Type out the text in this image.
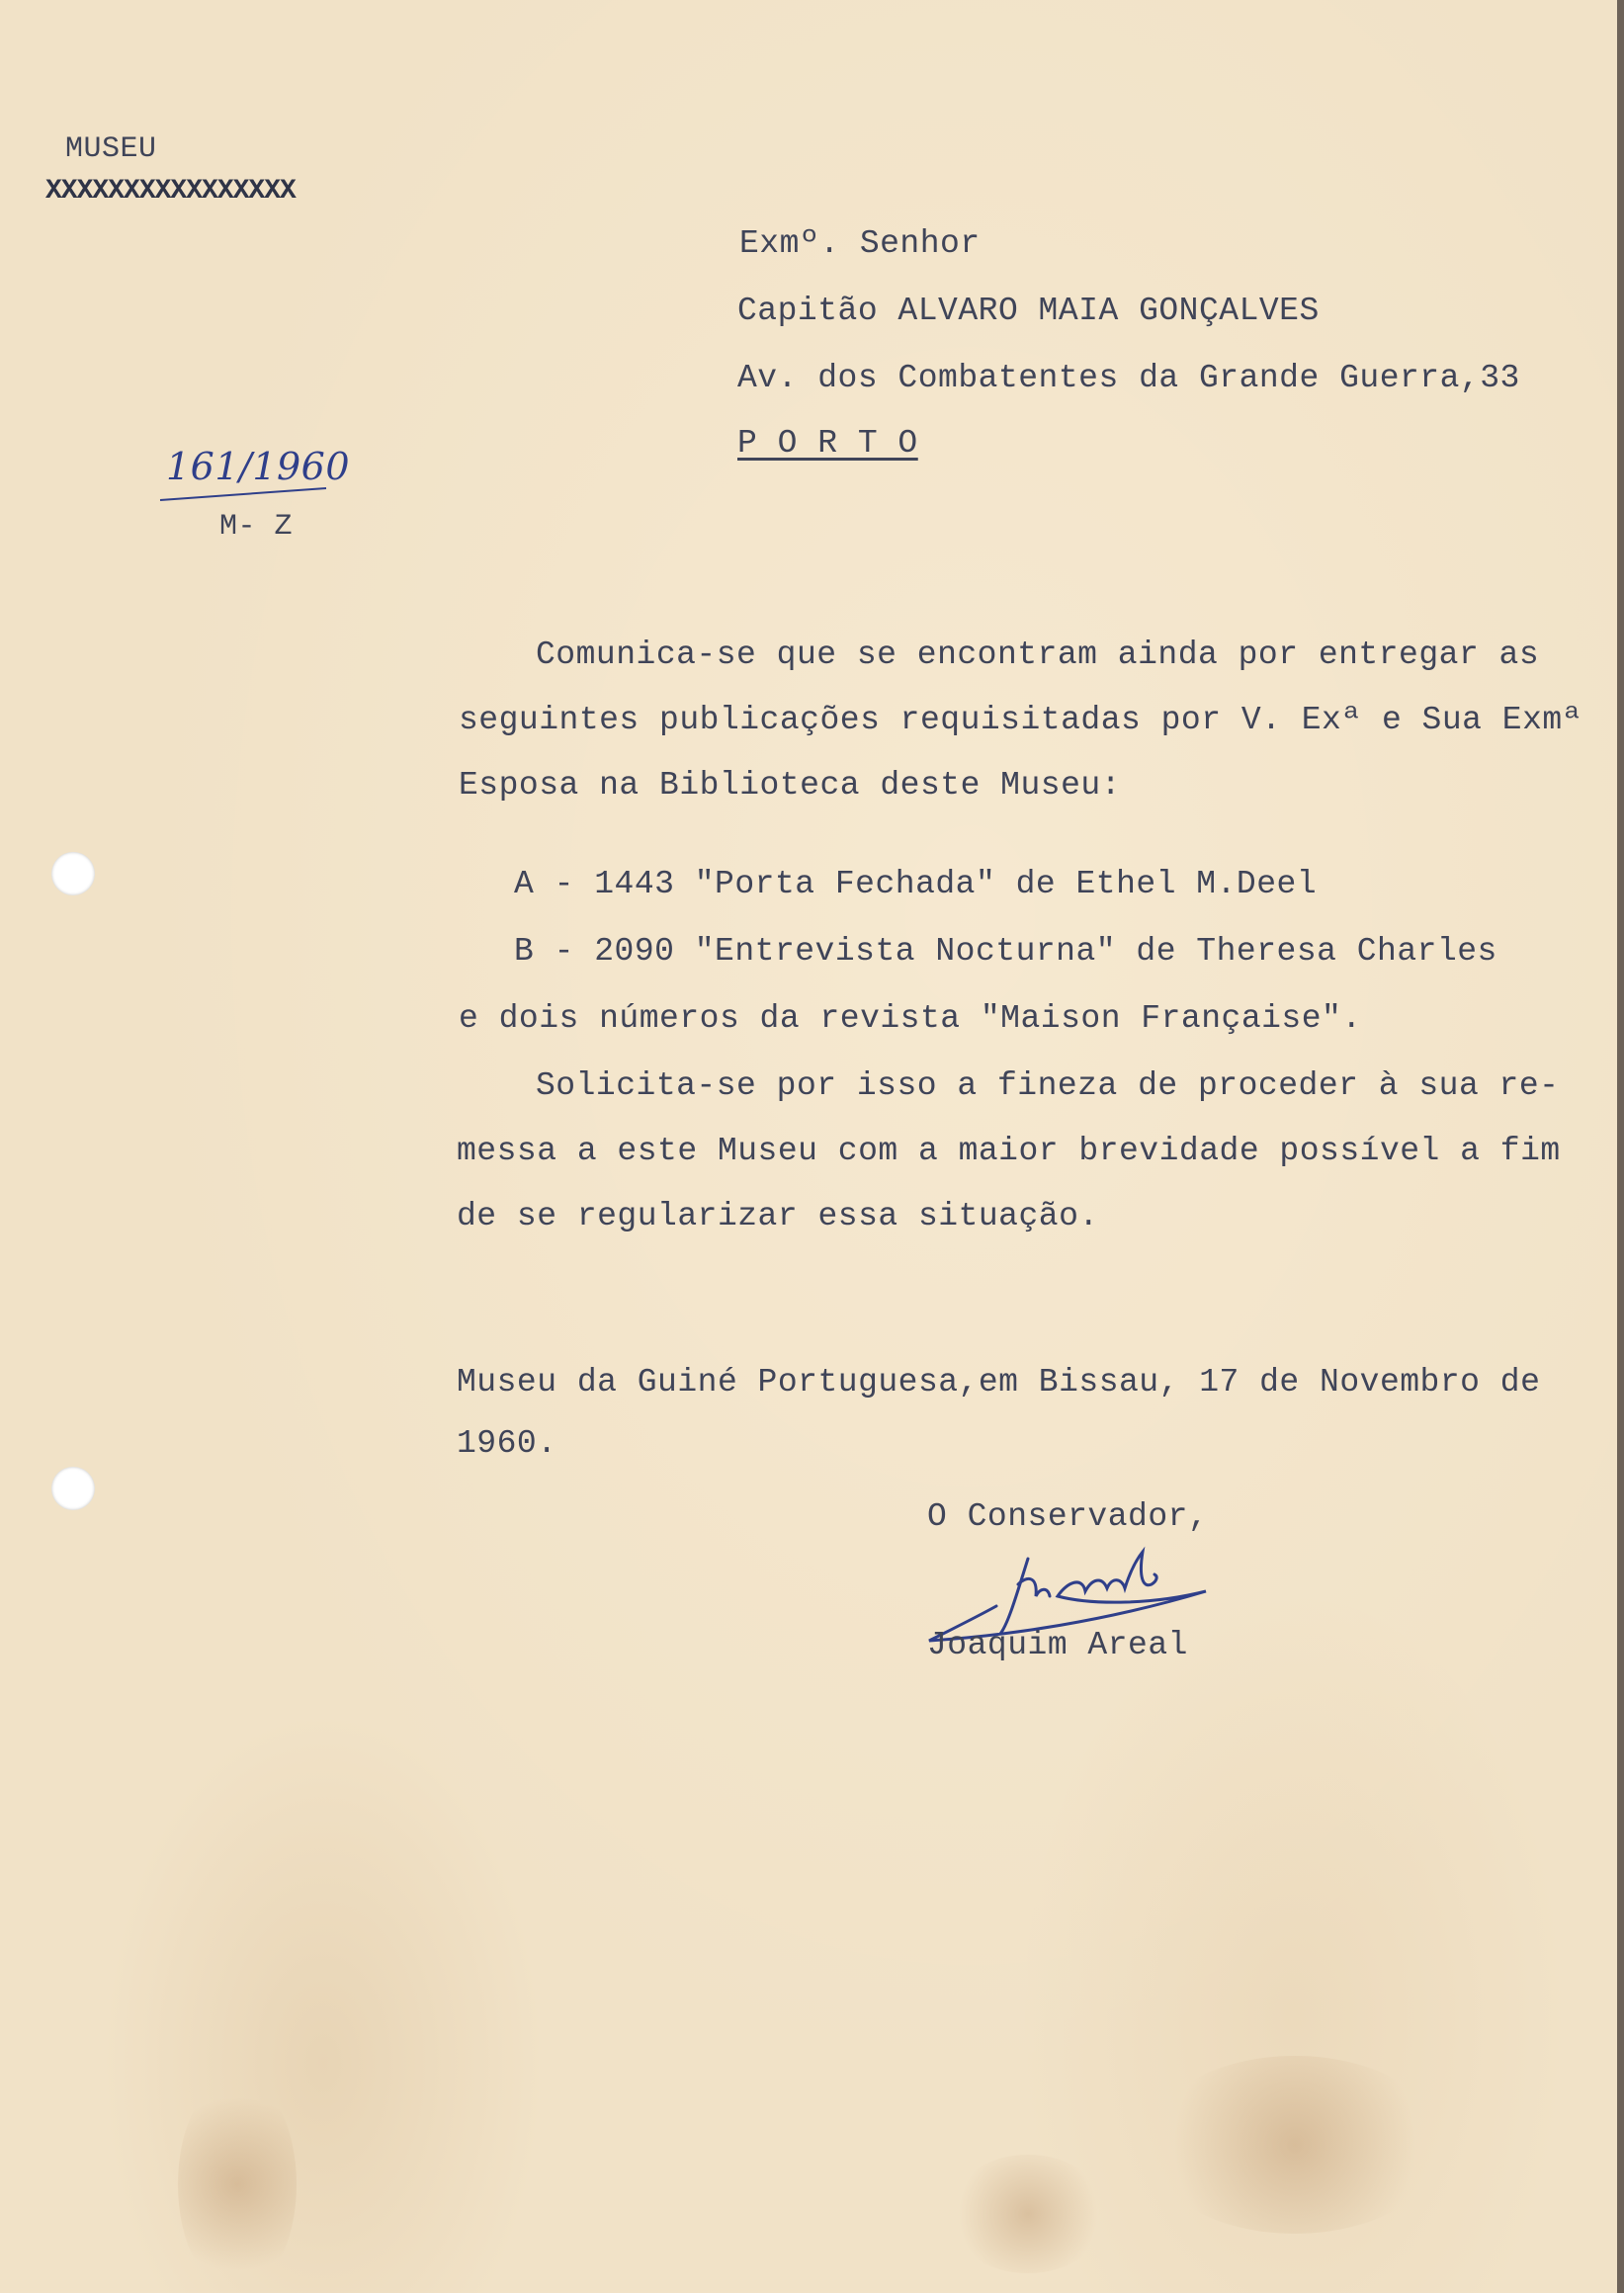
MUSEU
XXXXXXXXXXXXXXXX
161/1960
M- Z
Exmº. Senhor
Capitão ALVARO MAIA GONÇALVES
Av. dos Combatentes da Grande Guerra,33
P O R T O
Comunica-se que se encontram ainda por entregar as
seguintes publicações requisitadas por V. Exª e Sua Exmª
Esposa na Biblioteca deste Museu:
A - 1443 "Porta Fechada" de Ethel M.Deel
B - 2090 "Entrevista Nocturna" de Theresa Charles
e dois números da revista "Maison Française".
Solicita-se por isso a fineza de proceder à sua re-
messa a este Museu com a maior brevidade possível a fim
de se regularizar essa situação.
Museu da Guiné Portuguesa,em Bissau, 17 de Novembro de
1960.
O Conservador,
Joaquim Areal
